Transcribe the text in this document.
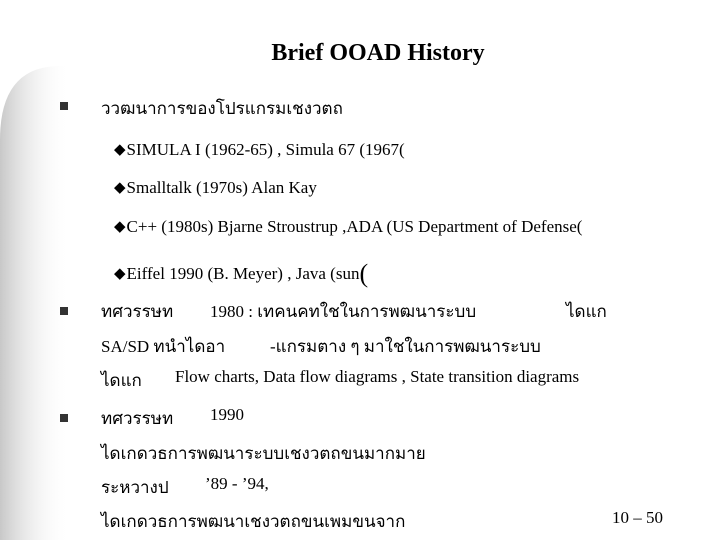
Brief OOAD History
ววฒนาการของโปรแกรมเชงวตถ
◆SIMULA I (1962-65) , Simula 67 (1967(
◆Smalltalk (1970s) Alan Kay
◆C++ (1980s) Bjarne Stroustrup ,ADA (US Department of Defense(
◆Eiffel 1990 (B. Meyer) , Java (sun(
ทศวรรษท 1980 : เทคนคทใชในการพฒนาระบบ	ไดแก
SA/SD ทนำไดอา	-แกรมตาง ๆ มาใชในการพฒนาระบบ
ไดแก Flow charts, Data flow diagrams , State transition diagrams
ทศวรรษท 1990
ไดเกดวธการพฒนาระบบเชงวตถขนมากมาย
ระหวางป ’89 - ’94,
ไดเกดวธการพฒนาเชงวตถขนเพมขนจาก	10 – 50
